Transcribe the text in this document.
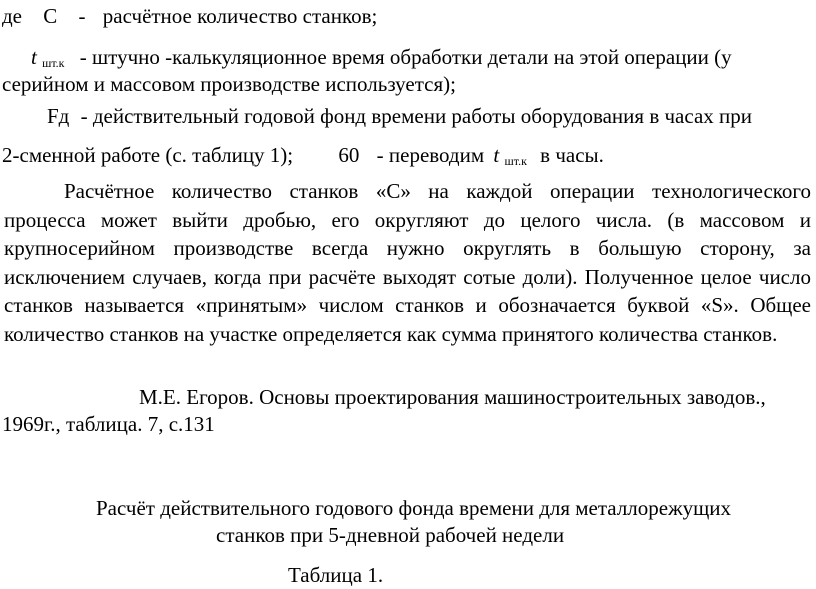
де С - расчётное количество станков;
t $_{шт.к}$ - штучно -калькуляционное время обработки детали на этой операции (у
серийном и массовом производстве используется);
Fд - действительный годовой фонд времени работы оборудования в часах при
2-сменной работе (с. таблицу 1); 60 - переводим t $_{шт.к}$ в часы.
Расчётное количество станков «С» на каждой операции технологического процесса может выйти дробью, его округляют до целого числа. (в массовом и крупносерийном производстве всегда нужно округлять в большую сторону, за исключением случаев, когда при расчёте выходят сотые доли). Полученное целое число станков называется «принятым» числом станков и обозначается буквой «S». Общее количество станков на участке определяется как сумма принятого количества станков.
М.Е. Егоров. Основы проектирования машиностроительных заводов.,
1969г., таблица. 7, с.131
Расчёт действительного годового фонда времени для металлорежущих
станков при 5-дневной рабочей недели
Таблица 1.
